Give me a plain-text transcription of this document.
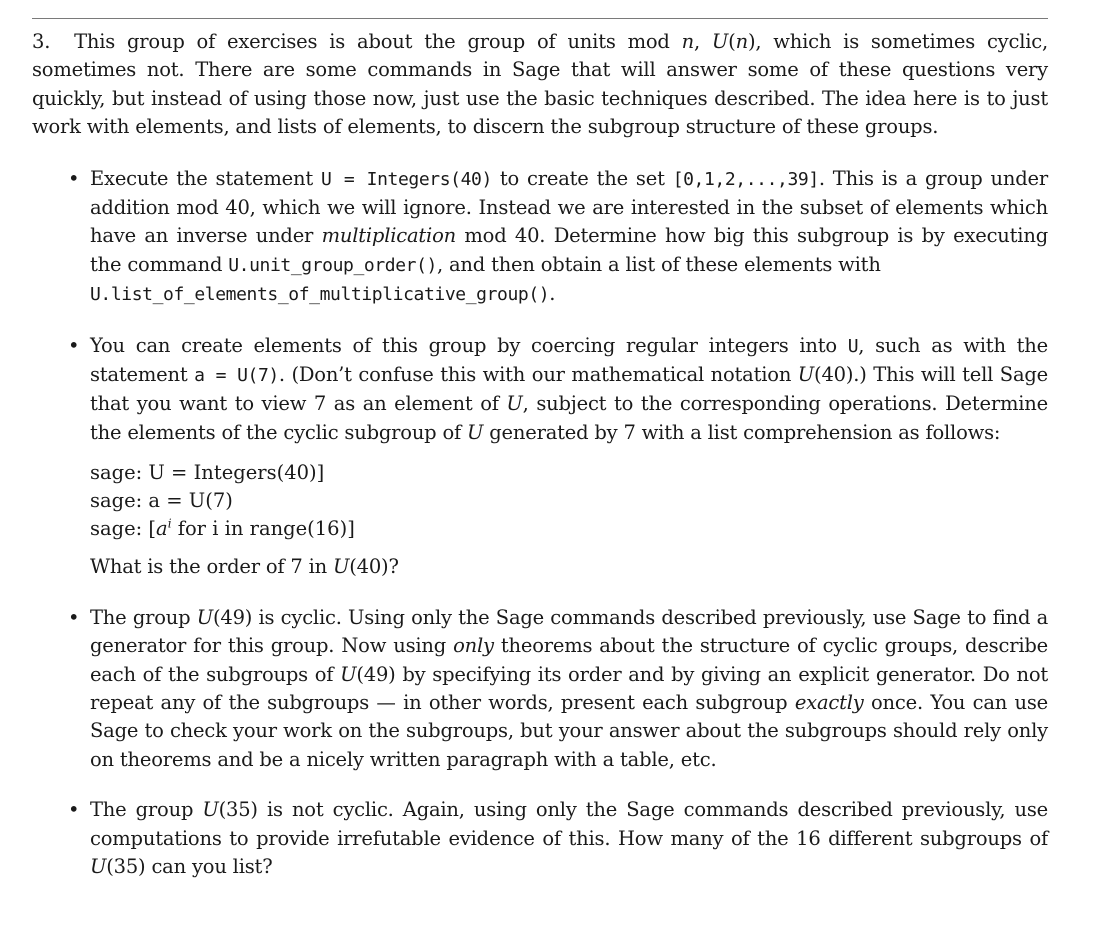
3. This group of exercises is about the group of units mod n, U(n), which is sometimes cyclic, sometimes not. There are some commands in Sage that will answer some of these questions very quickly, but instead of using those now, just use the basic techniques described. The idea here is to just work with elements, and lists of elements, to discern the subgroup structure of these groups.

• Execute the statement U = Integers(40) to create the set [0,1,2,...,39]. This is a group under addition mod 40, which we will ignore. Instead we are interested in the subset of elements which have an inverse under multiplication mod 40. Determine how big this subgroup is by executing the command U.unit_group_order(), and then obtain a list of these elements with
U.list_of_elements_of_multiplicative_group().

• You can create elements of this group by coercing regular integers into U, such as with the statement a = U(7). (Don’t confuse this with our mathematical notation U(40).) This will tell Sage that you want to view 7 as an element of U, subject to the corresponding operations. Determine the elements of the cyclic subgroup of U generated by 7 with a list comprehension as follows:

sage: U = Integers(40)]
sage: a = U(7)
sage: [$a^i$ for i in range(16)]

What is the order of 7 in U(40)?

• The group U(49) is cyclic. Using only the Sage commands described previously, use Sage to find a generator for this group. Now using only theorems about the structure of cyclic groups, describe each of the subgroups of U(49) by specifying its order and by giving an explicit generator. Do not repeat any of the subgroups — in other words, present each subgroup exactly once. You can use Sage to check your work on the subgroups, but your answer about the subgroups should rely only on theorems and be a nicely written paragraph with a table, etc.

• The group U(35) is not cyclic. Again, using only the Sage commands described previously, use computations to provide irrefutable evidence of this. How many of the 16 different subgroups of U(35) can you list?
